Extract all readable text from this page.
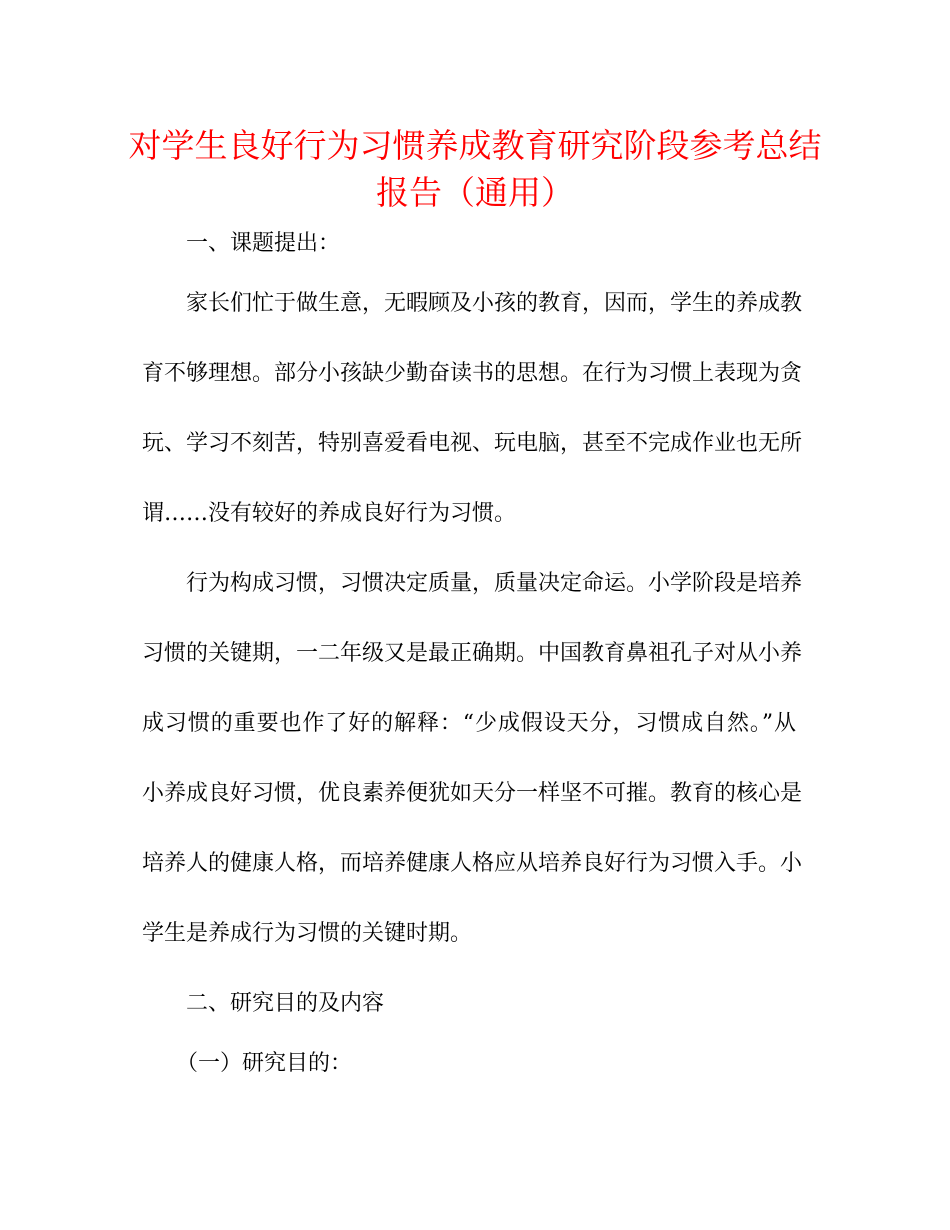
对学生良好行为习惯养成教育研究阶段参考总结
报告（通用）
一、课题提出：
家长们忙于做生意，无暇顾及小孩的教育，因而，学生的养成教
育不够理想。部分小孩缺少勤奋读书的思想。在行为习惯上表现为贪
玩、学习不刻苦，特别喜爱看电视、玩电脑，甚至不完成作业也无所
谓……没有较好的养成良好行为习惯。
行为构成习惯，习惯决定质量，质量决定命运。小学阶段是培养
习惯的关键期，一二年级又是最正确期。中国教育鼻祖孔子对从小养
成习惯的重要也作了好的解释：“少成假设天分，习惯成自然。”从
小养成良好习惯，优良素养便犹如天分一样坚不可摧。教育的核心是
培养人的健康人格，而培养健康人格应从培养良好行为习惯入手。小
学生是养成行为习惯的关键时期。
二、研究目的及内容
（一）研究目的：
